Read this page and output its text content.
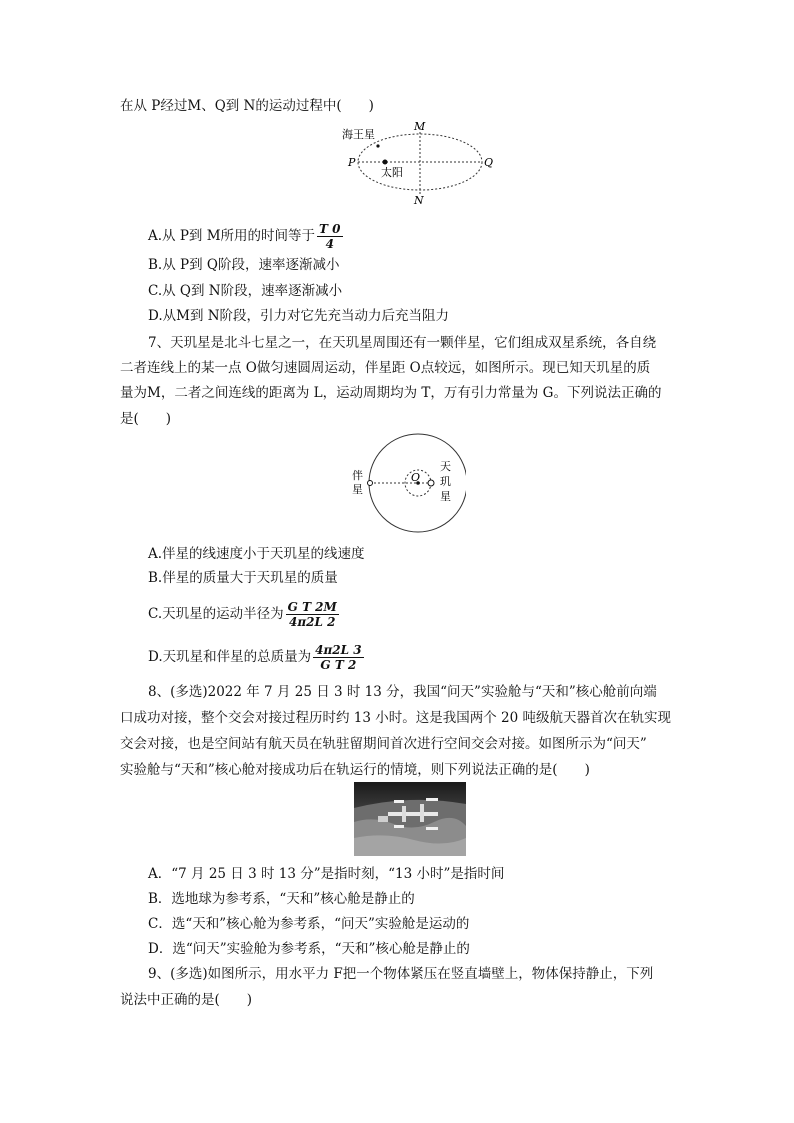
在从 P经过M、Q到 N的运动过程中(　　)
海王星
太阳
P	Q
M
N
A.从 P到 M所用的时间等于 $\frac{T 0}{4}$
B.从 P到 Q阶段，速率逐渐减小
C.从 Q到 N阶段，速率逐渐减小
D.从M到 N阶段，引力对它先充当动力后充当阻力
7、天玑星是北斗七星之一，在天玑星周围还有一颗伴星，它们组成双星系统，各自绕
二者连线上的某一点 O做匀速圆周运动，伴星距 O点较远，如图所示。现已知天玑星的质
量为M，二者之间连线的距离为 L，运动周期均为 T，万有引力常量为 G。下列说法正确的
是(　　)
伴
星
O
天
玑
星
A.伴星的线速度小于天玑星的线速度
B.伴星的质量大于天玑星的质量
C.天玑星的运动半径为 $\frac{\text{G T 2M}}{4\pi 2L 2}$
D.天玑星和伴星的总质量为 $\frac{4\pi 2L 3}{\text{G T 2}}$
8、(多选)2022 年 7 月 25 日 3 时 13 分，我国“问天”实验舱与“天和”核心舱前向端
口成功对接，整个交会对接过程历时约 13 小时。这是我国两个 20 吨级航天器首次在轨实现
交会对接，也是空间站有航天员在轨驻留期间首次进行空间交会对接。如图所示为“问天”
实验舱与“天和”核心舱对接成功后在轨运行的情境，则下列说法正确的是(　　)
A．“7 月 25 日 3 时 13 分”是指时刻，“13 小时”是指时间
B．选地球为参考系，“天和”核心舱是静止的
C．选“天和”核心舱为参考系，“问天”实验舱是运动的
D．选“问天”实验舱为参考系，“天和”核心舱是静止的
9、(多选)如图所示，用水平力 F把一个物体紧压在竖直墙壁上，物体保持静止，下列
说法中正确的是(　　)
